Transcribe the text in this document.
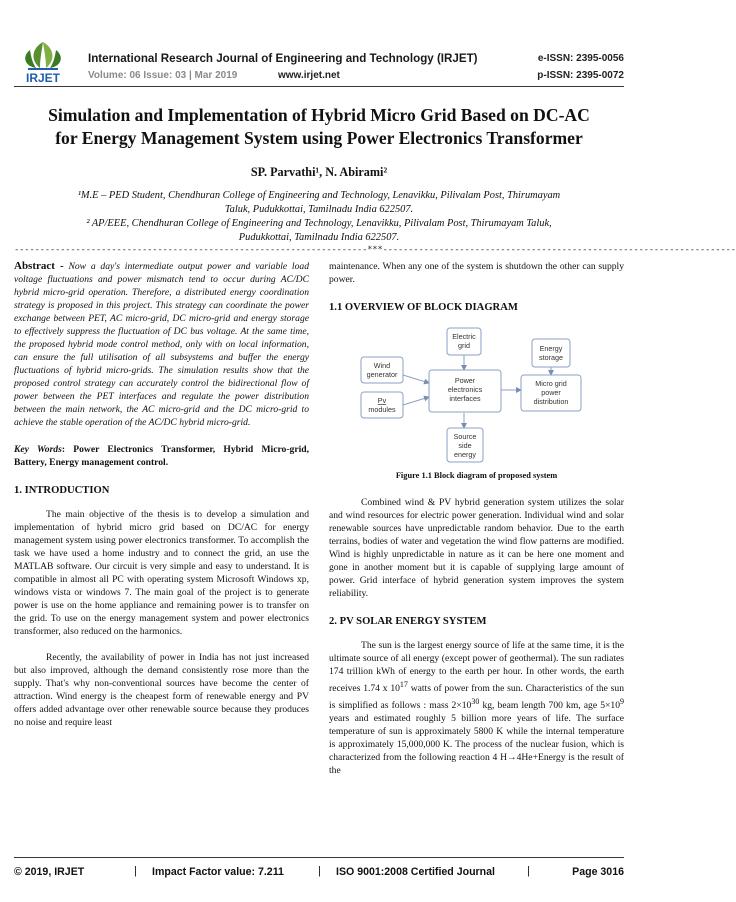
IRJET
International Research Journal of Engineering and Technology (IRJET)
Volume: 06 Issue: 03 | Mar 2019	www.irjet.net
e-ISSN: 2395-0056
p-ISSN: 2395-0072
Simulation and Implementation of Hybrid Micro Grid Based on DC-AC
for Energy Management System using Power Electronics Transformer
SP. Parvathi¹, N. Abirami²
¹M.E – PED Student, Chendhuran College of Engineering and Technology, Lenavikku, Pilivalam Post, Thirumayam
Taluk, Pudukkottai, Tamilnadu India 622507.
² AP/EEE, Chendhuran College of Engineering and Technology, Lenavikku, Pilivalam Post, Thirumayam Taluk,
Pudukkottai, Tamilnadu India 622507.
---------------------------------------------------------------------***---------------------------------------------------------------------

Abstract - Now a day's intermediate output power and variable load voltage fluctuations and power mismatch tend to occur during AC/DC hybrid micro-grid operation. Therefore, a distributed energy coordination strategy is proposed in this project. This strategy can coordinate the power exchange between PET, AC micro-grid, DC micro-grid and energy storage to effectively suppress the fluctuation of DC bus voltage. At the same time, the proposed hybrid mode control method, only with on local information, can ensure the full utilisation of all subsystems and buffer the energy fluctuations of hybrid micro-grids. The simulation results show that the proposed control strategy can accurately control the bidirectional flow of power between the PET interfaces and regulate the power distribution between the main network, the AC micro-grid and the DC micro-grid to achieve the stable operation of the AC/DC hybrid micro-grid.

Key Words: Power Electronics Transformer, Hybrid Micro-grid, Battery, Energy management control.

1. INTRODUCTION

The main objective of the thesis is to develop a simulation and implementation of hybrid micro grid based on DC/AC for energy management system using power electronics transformer. To accomplish the task we have used a home industry and to connect the grid, an use the MATLAB software. Our circuit is very simple and easy to understand. It is compatible in almost all PC with operating system Microsoft Windows xp, windows vista or windows 7. The main goal of the project is to generate power is use on the home appliance and remaining power is to transfer on the grid. To use on the energy management system and power electronics transformer, also reduced on the harmonics.

Recently, the availability of power in India has not just increased but also improved, although the demand consistently rose more than the supply. That's why non-conventional sources have become the center of attraction. Wind energy is the cheapest form of renewable energy and PV offers added advantage over other renewable source because they produces no noise and require least

maintenance. When any one of the system is shutdown the other can supply power.

1.1 OVERVIEW OF BLOCK DIAGRAM
Electric
grid
Wind
generator
Pv
modules
Power
electronics
interfaces
Energy
storage
Micro grid
power
distribution
Source
side
energy
Figure 1.1 Block diagram of proposed system

Combined wind & PV hybrid generation system utilizes the solar and wind resources for electric power generation. Individual wind and solar renewable sources have unpredictable random behavior. Due to the earth terrains, bodies of water and vegetation the wind flow patterns are modified. Wind is highly unpredictable in nature as it can be here one moment and gone in another moment but it is capable of supplying large amount of power. Grid interface of hybrid generation system improves the system reliability.

2. PV SOLAR ENERGY SYSTEM

The sun is the largest energy source of life at the same time, it is the ultimate source of all energy (except power of geothermal). The sun radiates 174 trillion kWh of energy to the earth per hour. In other words, the earth receives 1.74 x $10^{17}$ watts of power from the sun. Characteristics of the sun is simplified as follows : mass $2\times 10^{30}$ kg, beam length 700 km, age $5\times 10^9$ years and estimated roughly 5 billion more years of life. The surface temperature of sun is approximately 5800 K while the internal temperature is approximately 15,000,000 K. The process of the nuclear fusion, which is characterized from the following reaction 4 H→4He+Energy is the result of the

© 2019, IRJET	| Impact Factor value: 7.211	| ISO 9001:2008 Certified Journal	|	Page 3016
